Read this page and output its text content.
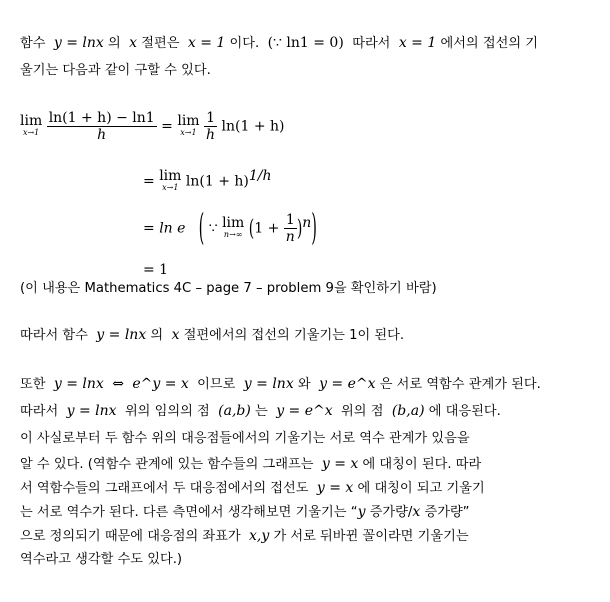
함수 y = lnx 의 x 절편은 x = 1 이다. (∵ ln1 = 0) 따라서 x = 1 에서의 접선의 기
울기는 다음과 같이 구할 수 있다.
lim
x→1
$\frac{\ln(1 + h) - \ln 1}{h} = \lim$
x→1
$\frac{1}{h} \ln(1 + h)$
= lim
x→1 $\ln(1 + h)^{1/h}$
= ln e ( ∵ lim
n→∞ $(1 + \frac{1}{n} )^n$)
= 1
(이 내용은 Mathematics 4C – page 7 – problem 9을 확인하기 바람)
따라서 함수 y = lnx 의 x 절편에서의 접선의 기울기는 1이 된다.
또한 y = lnx ⇔ e^y = x 이므로 y = lnx 와 y = e^x 은 서로 역함수 관계가 된다.
따라서 y = lnx 위의 임의의 점 (a,b) 는 y = e^x 위의 점 (b,a) 에 대응된다.
이 사실로부터 두 함수 위의 대응점들에서의 기울기는 서로 역수 관계가 있음을
알 수 있다. (역함수 관계에 있는 함수들의 그래프는 y = x 에 대칭이 된다. 따라
서 역함수들의 그래프에서 두 대응점에서의 접선도 y = x 에 대칭이 되고 기울기
는 서로 역수가 된다. 다른 측면에서 생각해보면 기울기는 “y 증가량/x 증가량”
으로 정의되기 때문에 대응점의 좌표가 x,y 가 서로 뒤바뀐 꼴이라면 기울기는
역수라고 생각할 수도 있다.)
